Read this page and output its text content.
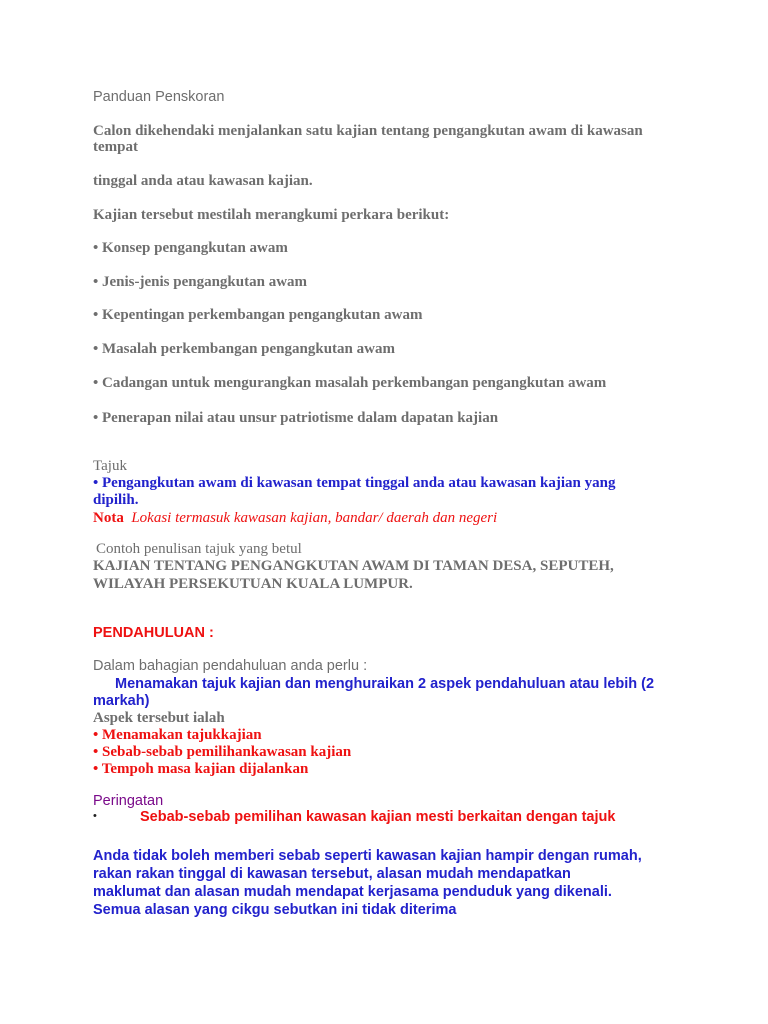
Panduan Penskoran
Calon dikehendaki menjalankan satu kajian tentang pengangkutan awam di kawasan
tempat
tinggal anda atau kawasan kajian.
Kajian tersebut mestilah merangkumi perkara berikut:
• Konsep pengangkutan awam
• Jenis-jenis pengangkutan awam
• Kepentingan perkembangan pengangkutan awam
• Masalah perkembangan pengangkutan awam
• Cadangan untuk mengurangkan masalah perkembangan pengangkutan awam
• Penerapan nilai atau unsur patriotisme dalam dapatan kajian
Tajuk
• Pengangkutan awam di kawasan tempat tinggal anda atau kawasan kajian yang
dipilih.
Nota Lokasi termasuk kawasan kajian, bandar/ daerah dan negeri
Contoh penulisan tajuk yang betul
KAJIAN TENTANG PENGANGKUTAN AWAM DI TAMAN DESA, SEPUTEH,
WILAYAH PERSEKUTUAN KUALA LUMPUR.
PENDAHULUAN :
Dalam bahagian pendahuluan anda perlu :
Menamakan tajuk kajian dan menghuraikan 2 aspek pendahuluan atau lebih (2
markah)
Aspek tersebut ialah
• Menamakan tajukkajian
• Sebab-sebab pemilihankawasan kajian
• Tempoh masa kajian dijalankan
Peringatan
•	Sebab-sebab pemilihan kawasan kajian mesti berkaitan dengan tajuk
Anda tidak boleh memberi sebab seperti kawasan kajian hampir dengan rumah,
rakan rakan tinggal di kawasan tersebut, alasan mudah mendapatkan
maklumat dan alasan mudah mendapat kerjasama penduduk yang dikenali.
Semua alasan yang cikgu sebutkan ini tidak diterima
